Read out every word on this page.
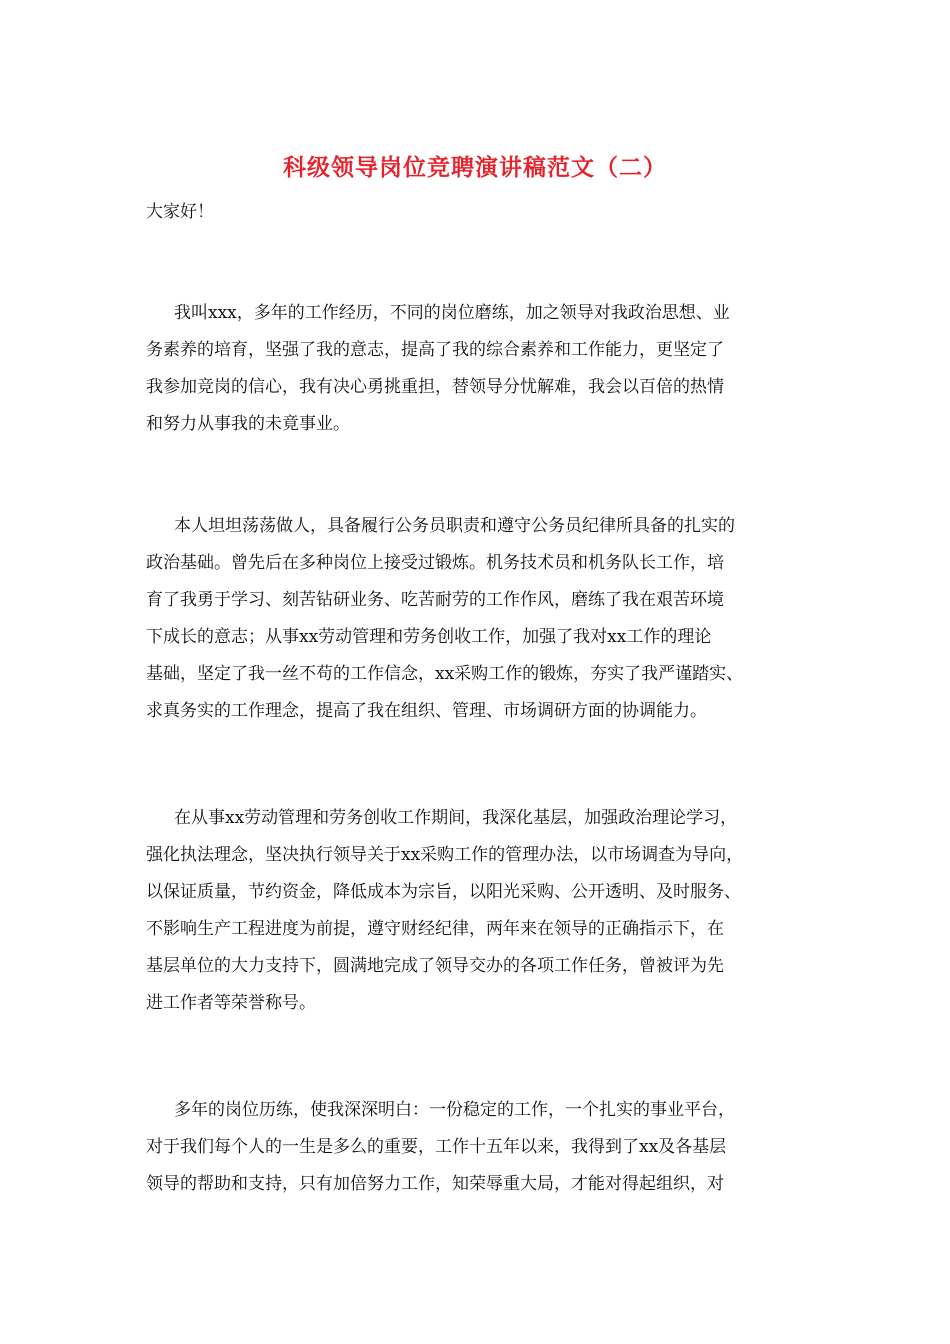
科级领导岗位竞聘演讲稿范文（二）
大家好！
我叫xxx，多年的工作经历，不同的岗位磨练，加之领导对我政治思想、业
务素养的培育，坚强了我的意志，提高了我的综合素养和工作能力，更坚定了
我参加竞岗的信心，我有决心勇挑重担，替领导分忧解难，我会以百倍的热情
和努力从事我的未竟事业。
本人坦坦荡荡做人，具备履行公务员职责和遵守公务员纪律所具备的扎实的
政治基础。曾先后在多种岗位上接受过锻炼。机务技术员和机务队长工作，培
育了我勇于学习、刻苦钻研业务、吃苦耐劳的工作作风，磨练了我在艰苦环境
下成长的意志；从事xx劳动管理和劳务创收工作，加强了我对xx工作的理论
基础，坚定了我一丝不苟的工作信念，xx采购工作的锻炼，夯实了我严谨踏实、
求真务实的工作理念，提高了我在组织、管理、市场调研方面的协调能力。
在从事xx劳动管理和劳务创收工作期间，我深化基层，加强政治理论学习，
强化执法理念，坚决执行领导关于xx采购工作的管理办法，以市场调查为导向，
以保证质量，节约资金，降低成本为宗旨，以阳光采购、公开透明、及时服务、
不影响生产工程进度为前提，遵守财经纪律，两年来在领导的正确指示下，在
基层单位的大力支持下，圆满地完成了领导交办的各项工作任务，曾被评为先
进工作者等荣誉称号。
多年的岗位历练，使我深深明白：一份稳定的工作，一个扎实的事业平台，
对于我们每个人的一生是多么的重要，工作十五年以来，我得到了xx及各基层
领导的帮助和支持，只有加倍努力工作，知荣辱重大局，才能对得起组织，对
